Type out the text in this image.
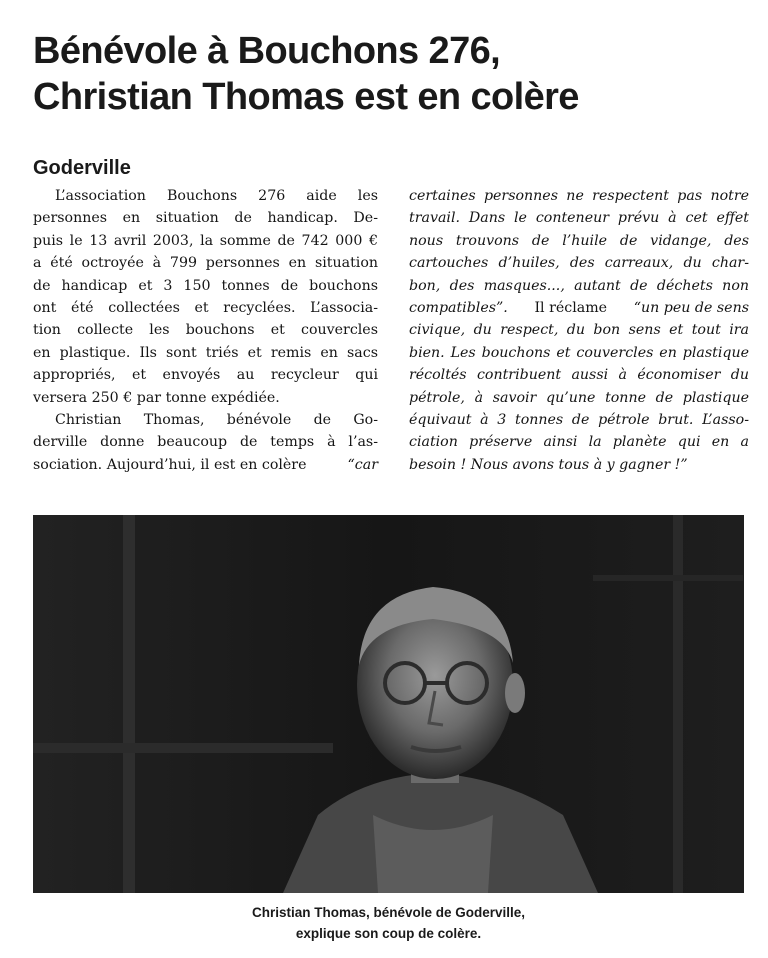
Bénévole à Bouchons 276,
Christian Thomas est en colère
Goderville
L’association Bouchons 276 aide les
personnes en situation de handicap. De-
puis le 13 avril 2003, la somme de 742 000 €
a été octroyée à 799 personnes en situation
de handicap et 3 150 tonnes de bouchons
ont été collectées et recyclées. L’associa-
tion collecte les bouchons et couvercles
en plastique. Ils sont triés et remis en sacs
appropriés, et envoyés au recycleur qui
versera 250 € par tonne expédiée.
Christian Thomas, bénévole de Go-
derville donne beaucoup de temps à l’as-
sociation. Aujourd’hui, il est en colère	“car
certaines personnes ne respectent pas notre
travail. Dans le conteneur prévu à cet effet
nous trouvons de l’huile de vidange, des
cartouches d’huiles, des carreaux, du char-
bon, des masques..., autant de déchets non
compatibles”. Il réclame “un peu de sens
civique, du respect, du bon sens et tout ira
bien. Les bouchons et couvercles en plastique
récoltés contribuent aussi à économiser du
pétrole, à savoir qu’une tonne de plastique
équivaut à 3 tonnes de pétrole brut. L’asso-
ciation préserve ainsi la planète qui en a
besoin ! Nous avons tous à y gagner !”
Christian Thomas, bénévole de Goderville,
explique son coup de colère.
